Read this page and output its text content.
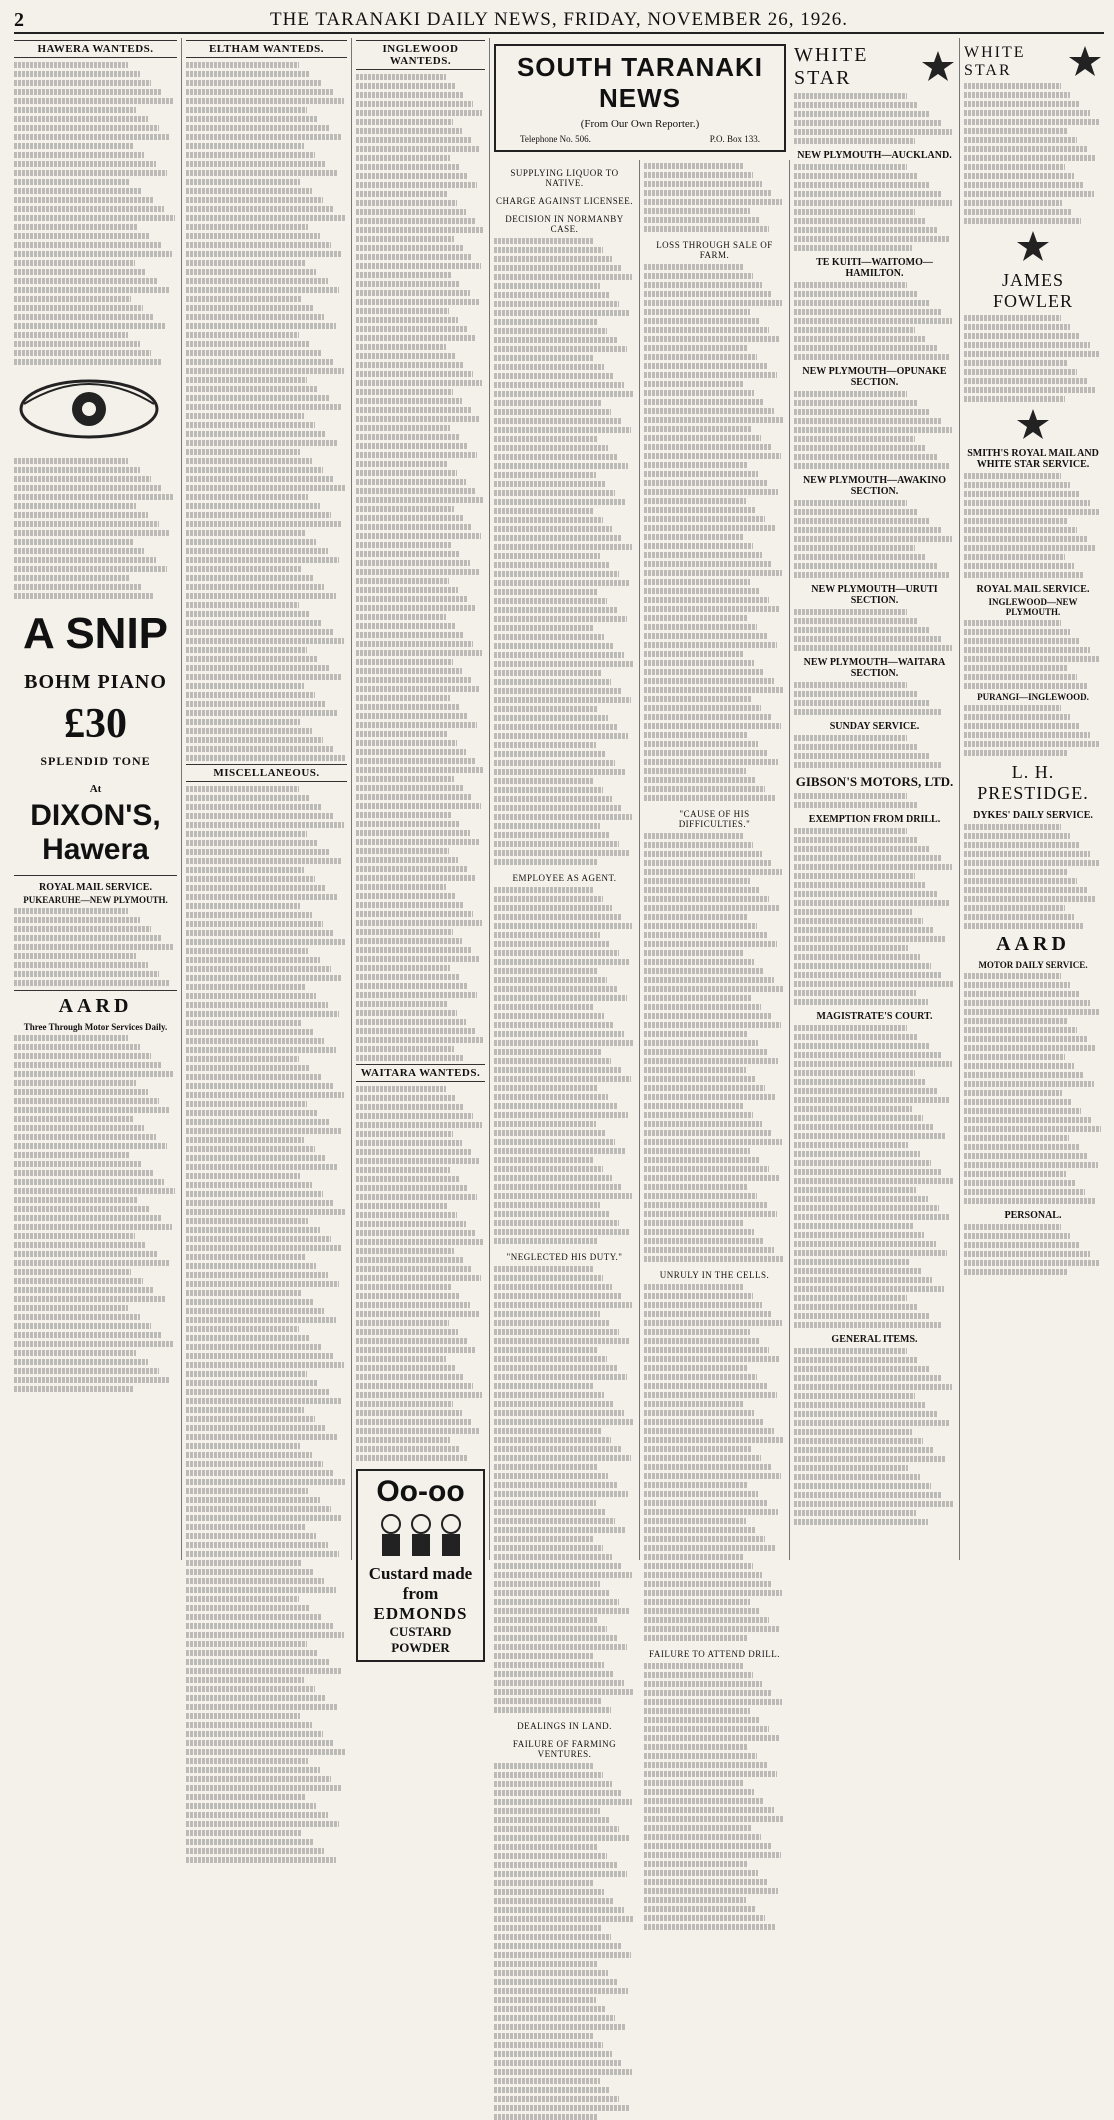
2	THE TARANAKI DAILY NEWS, FRIDAY, NOVEMBER 26, 1926.
HAWERA WANTEDS.
A SNIP
BOHM PIANO
£30
SPLENDID TONE
At
DIXON'S, Hawera
ROYAL MAIL SERVICE.
PUKEARUHE—NEW PLYMOUTH.
AARD
Three Through Motor Services Daily.
ELTHAM WANTEDS.
MISCELLANEOUS.
INGLEWOOD WANTEDS.
WAITARA WANTEDS.
Oo-oo
Custard made from
EDMONDS
CUSTARD POWDER
SOUTH TARANAKI NEWS
(From Our Own Reporter.)
Telephone No. 506.	P.O. Box 133.
SUPPLYING LIQUOR TO NATIVE.
CHARGE AGAINST LICENSEE.
DECISION IN NORMANBY CASE.
EMPLOYEE AS AGENT.
"NEGLECTED HIS DUTY."
DEALINGS IN LAND.
FAILURE OF FARMING VENTURES.
LOSS THROUGH SALE OF FARM.
"CAUSE OF HIS DIFFICULTIES."
UNRULY IN THE CELLS.
FAILURE TO ATTEND DRILL.
WHITE STAR
NEW PLYMOUTH—AUCKLAND.
TE KUITI—WAITOMO—HAMILTON.
NEW PLYMOUTH—OPUNAKE SECTION.
NEW PLYMOUTH—AWAKINO SECTION.
NEW PLYMOUTH—URUTI SECTION.
NEW PLYMOUTH—WAITARA SECTION.
SUNDAY SERVICE.
GIBSON'S MOTORS, LTD.
EXEMPTION FROM DRILL.
MAGISTRATE'S COURT.
GENERAL ITEMS.
WHITE STAR
JAMES FOWLER
SMITH'S ROYAL MAIL AND WHITE STAR SERVICE.
ROYAL MAIL SERVICE.
INGLEWOOD—NEW PLYMOUTH.
PURANGI—INGLEWOOD.
L. H. PRESTIDGE.
DYKES' DAILY SERVICE.
AARD
MOTOR DAILY SERVICE.
PERSONAL.
